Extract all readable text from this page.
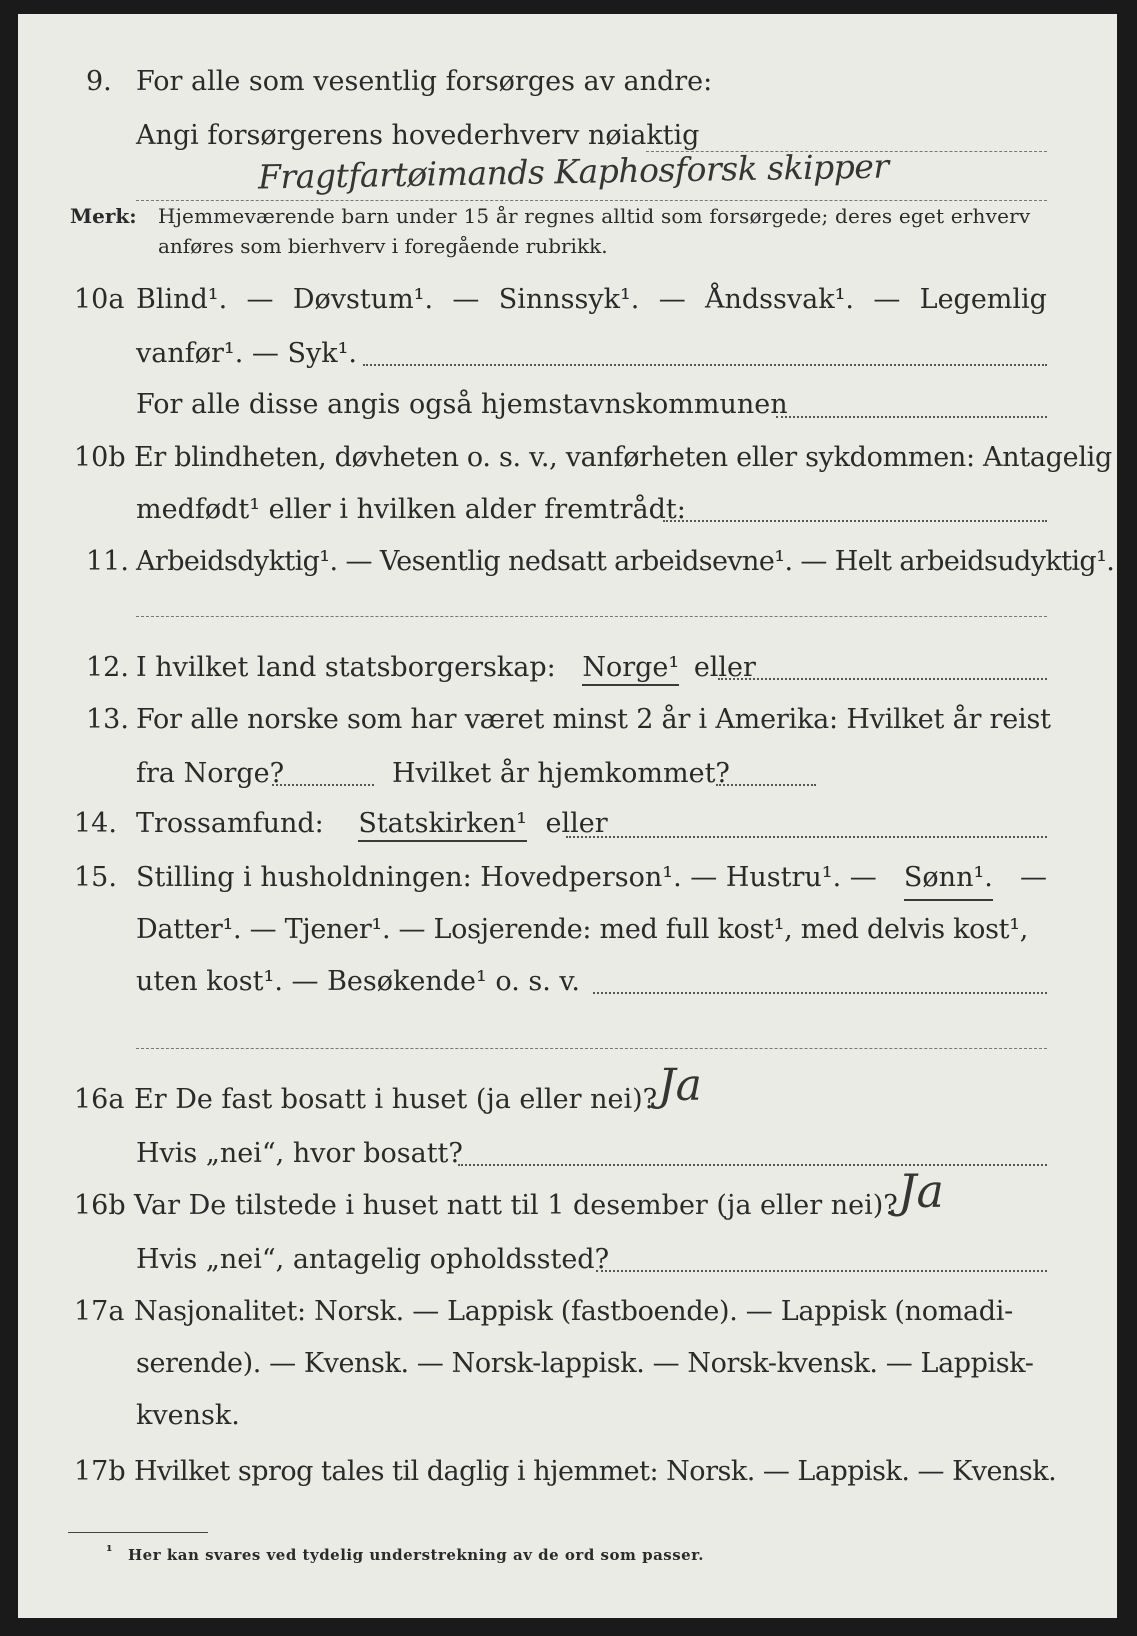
9. For alle som vesentlig forsørges av andre:
Angi forsørgerens hovederhverv nøiaktig
Fragtfartøimands Kaphosforsk skipper
Merk: Hjemmeværende barn under 15 år regnes alltid som forsørgede; deres eget erhverv
anføres som bierhverv i foregående rubrikk.
10a Blind¹. — Døvstum¹. — Sinnssyk¹. — Åndssvak¹. — Legemlig
vanfør¹. — Syk¹.
For alle disse angis også hjemstavnskommunen
10b Er blindheten, døvheten o. s. v., vanførheten eller sykdommen: Antagelig
medfødt¹ eller i hvilken alder fremtrådt:
11. Arbeidsdyktig¹. — Vesentlig nedsatt arbeidsevne¹. — Helt arbeidsudyktig¹.
12. I hvilket land statsborgerskap: Norge¹ eller
13. For alle norske som har været minst 2 år i Amerika: Hvilket år reist
fra Norge?	Hvilket år hjemkommet?
14. Trossamfund: Statskirken¹ eller
15. Stilling i husholdningen: Hovedperson¹. — Hustru¹. — Sønn¹. —
Datter¹. — Tjener¹. — Losjerende: med full kost¹, med delvis kost¹,
uten kost¹. — Besøkende¹ o. s. v.
16a Er De fast bosatt i huset (ja eller nei)? Ja
Hvis „nei“, hvor bosatt?
16b Var De tilstede i huset natt til 1 desember (ja eller nei)? Ja
Hvis „nei“, antagelig opholdssted?
17a Nasjonalitet: Norsk. — Lappisk (fastboende). — Lappisk (nomadi-
serende). — Kvensk. — Norsk-lappisk. — Norsk-kvensk. — Lappisk-
kvensk.
17b Hvilket sprog tales til daglig i hjemmet: Norsk. — Lappisk. — Kvensk.
¹ Her kan svares ved tydelig understrekning av de ord som passer.
